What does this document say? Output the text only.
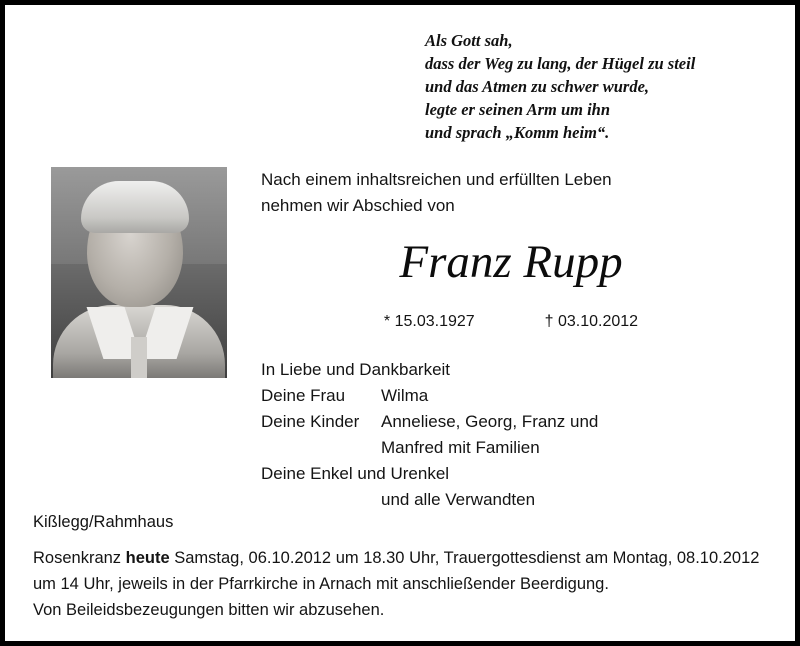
Als Gott sah,
dass der Weg zu lang, der Hügel zu steil
und das Atmen zu schwer wurde,
legte er seinen Arm um ihn
und sprach „Komm heim“.
Nach einem inhaltsreichen und erfüllten Leben
nehmen wir Abschied von
Franz Rupp
* 15.03.1927	† 03.10.2012
In Liebe und Dankbarkeit
Deine Frau	Wilma
Deine Kinder	Anneliese, Georg, Franz und
Manfred mit Familien
Deine Enkel und Urenkel
und alle Verwandten
Kißlegg/Rahmhaus
Rosenkranz heute Samstag, 06.10.2012 um 18.30 Uhr, Trauergottesdienst am Montag, 08.10.2012 um 14 Uhr, jeweils in der Pfarrkirche in Arnach mit anschließender Beerdigung.
Von Beileidsbezeugungen bitten wir abzusehen.
